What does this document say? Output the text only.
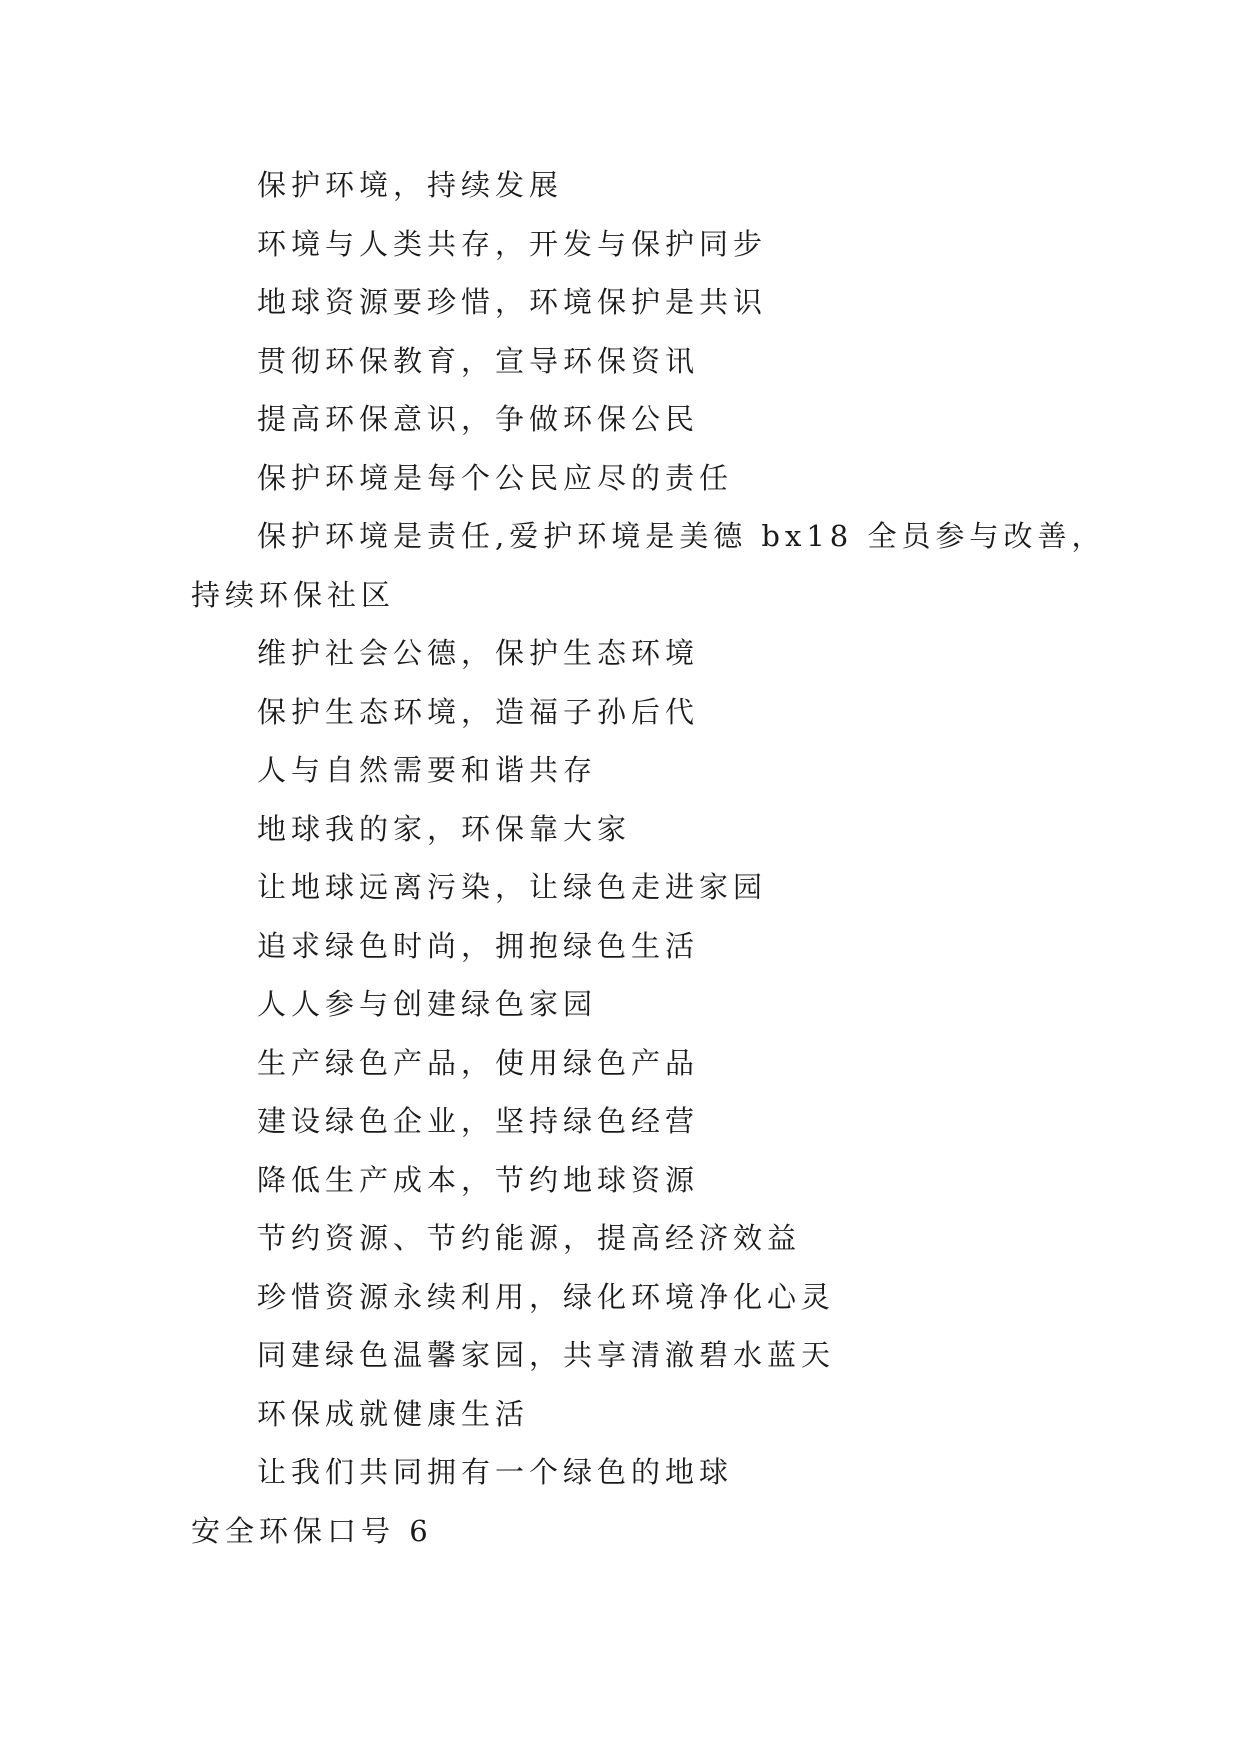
保护环境，持续发展
环境与人类共存，开发与保护同步
地球资源要珍惜，环境保护是共识
贯彻环保教育，宣导环保资讯
提高环保意识，争做环保公民
保护环境是每个公民应尽的责任
保护环境是责任,爱护环境是美德 bx18 全员参与改善，
持续环保社区
维护社会公德，保护生态环境
保护生态环境，造福子孙后代
人与自然需要和谐共存
地球我的家，环保靠大家
让地球远离污染，让绿色走进家园
追求绿色时尚，拥抱绿色生活
人人参与创建绿色家园
生产绿色产品，使用绿色产品
建设绿色企业，坚持绿色经营
降低生产成本，节约地球资源
节约资源、节约能源，提高经济效益
珍惜资源永续利用，绿化环境净化心灵
同建绿色温馨家园，共享清澈碧水蓝天
环保成就健康生活
让我们共同拥有一个绿色的地球
安全环保口号 6
